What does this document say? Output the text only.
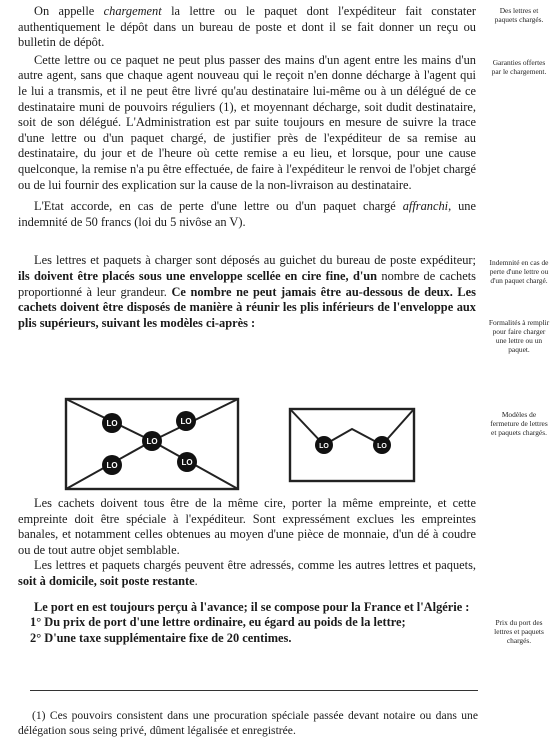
On appelle chargement la lettre ou le paquet dont l'expéditeur fait constater authentiquement le dépôt dans un bureau de poste et dont il se fait donner un reçu ou bulletin de dépôt.

Cette lettre ou ce paquet ne peut plus passer des mains d'un agent entre les mains d'un autre agent, sans que chaque agent nouveau qui le reçoit n'en donne décharge à l'agent qui le lui a transmis, et il ne peut être livré qu'au destinataire lui-même ou à un délégué de ce destinataire muni de pouvoirs réguliers (1), et moyennant décharge, soit dudit destinataire, soit de son délégué. L'Administration est par suite toujours en mesure de suivre la trace d'une lettre ou d'un paquet chargé, de justifier près de l'expéditeur de sa remise au destinataire, du jour et de l'heure où cette remise a eu lieu, et lorsque, pour une cause quelconque, la remise n'a pu être effectuée, de faire à l'expéditeur le renvoi de l'objet chargé ou de lui fournir des explication sur la cause de la non-livraison au destinataire.

L'Etat accorde, en cas de perte d'une lettre ou d'un paquet chargé affranchi, une indemnité de 50 francs (loi du 5 nivôse an V).

Les lettres et paquets à charger sont déposés au guichet du bureau de poste expéditeur; ils doivent être placés sous une enveloppe scellée en cire fine, d'un nombre de cachets proportionné à leur grandeur. Ce nombre ne peut jamais être au-dessous de deux. Les cachets doivent être disposés de manière à réunir les plis inférieurs de l'enveloppe aux plis supérieurs, suivant les modèles ci-après :

LO	LO
LO
LO	LO
LO	LO

Les cachets doivent tous être de la même cire, porter la même empreinte, et cette empreinte doit être spéciale à l'expéditeur. Sont expressément exclues les empreintes banales, et notamment celles obtenues au moyen d'une pièce de monnaie, d'un dé à coudre ou de tout autre objet semblable.

Les lettres et paquets chargés peuvent être adressés, comme les autres lettres et paquets, soit à domicile, soit poste restante.

Le port en est toujours perçu à l'avance; il se compose pour la France et l'Algérie :

1° Du prix de port d'une lettre ordinaire, eu égard au poids de la lettre;

2° D'une taxe supplémentaire fixe de 20 centimes.

(1) Ces pouvoirs consistent dans une procuration spéciale passée devant notaire ou dans une délégation sous seing privé, dûment légalisée et enregistrée.

Des lettres et paquets chargés.
Garanties offertes par le chargement.
Indemnité en cas de perte d'une lettre ou d'un paquet chargé.
Formalités à remplir pour faire charger une lettre ou un paquet.
Modèles de fermeture de lettres et paquets chargés.
Prix du port des lettres et paquets chargés.
